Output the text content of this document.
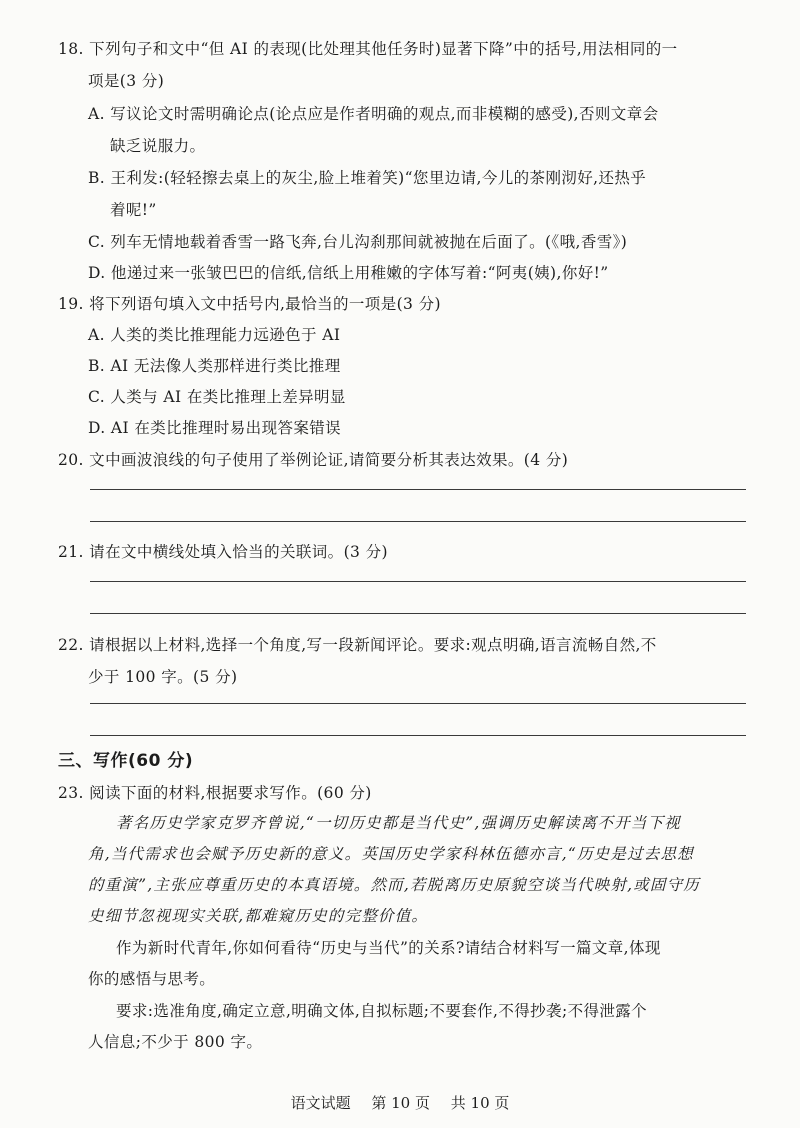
18. 下列句子和文中“但 AI 的表现(比处理其他任务时)显著下降”中的括号,用法相同的一
项是(3 分)
A. 写议论文时需明确论点(论点应是作者明确的观点,而非模糊的感受),否则文章会
缺乏说服力。
B. 王利发:(轻轻擦去桌上的灰尘,脸上堆着笑)“您里边请,今儿的茶刚沏好,还热乎
着呢!”
C. 列车无情地载着香雪一路飞奔,台儿沟刹那间就被抛在后面了。(《哦,香雪》)
D. 他递过来一张皱巴巴的信纸,信纸上用稚嫩的字体写着:“阿夷(姨),你好!”
19. 将下列语句填入文中括号内,最恰当的一项是(3 分)
A. 人类的类比推理能力远逊色于 AI
B. AI 无法像人类那样进行类比推理
C. 人类与 AI 在类比推理上差异明显
D. AI 在类比推理时易出现答案错误
20. 文中画波浪线的句子使用了举例论证,请简要分析其表达效果。(4 分)
21. 请在文中横线处填入恰当的关联词。(3 分)
22. 请根据以上材料,选择一个角度,写一段新闻评论。要求:观点明确,语言流畅自然,不
少于 100 字。(5 分)
三、写作(60 分)
23. 阅读下面的材料,根据要求写作。(60 分)
著名历史学家克罗齐曾说,“一切历史都是当代史”,强调历史解读离不开当下视
角,当代需求也会赋予历史新的意义。英国历史学家科林伍德亦言,“历史是过去思想
的重演”,主张应尊重历史的本真语境。然而,若脱离历史原貌空谈当代映射,或固守历
史细节忽视现实关联,都难窥历史的完整价值。
作为新时代青年,你如何看待“历史与当代”的关系?请结合材料写一篇文章,体现
你的感悟与思考。
要求:选准角度,确定立意,明确文体,自拟标题;不要套作,不得抄袭;不得泄露个
人信息;不少于 800 字。
语文试题 第 10 页 共 10 页
